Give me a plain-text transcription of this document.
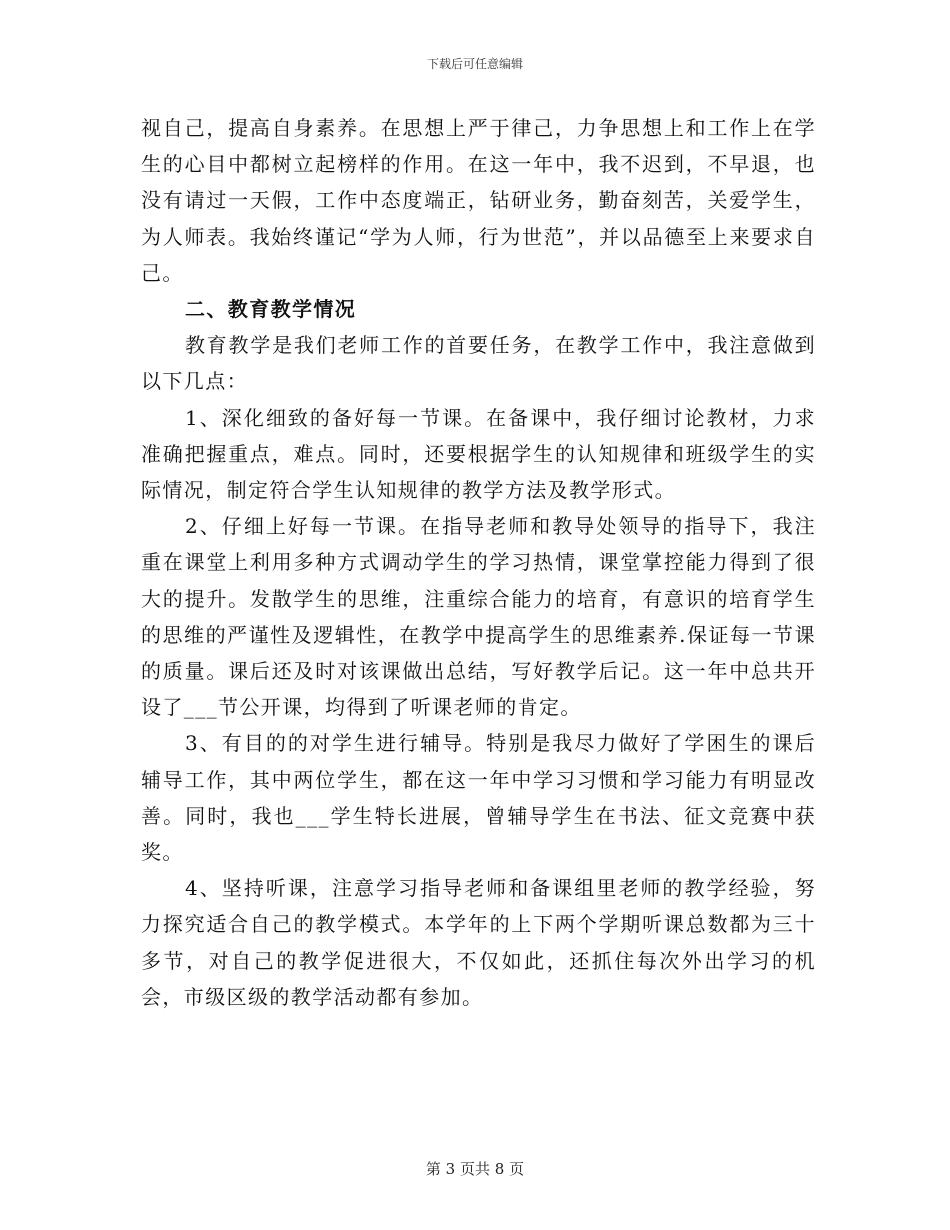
下载后可任意编辑

视自己，提高自身素养。在思想上严于律己，力争思想上和工作上在学生的心目中都树立起榜样的作用。在这一年中，我不迟到，不早退，也没有请过一天假，工作中态度端正，钻研业务，勤奋刻苦，关爱学生，为人师表。我始终谨记“学为人师，行为世范”，并以品德至上来要求自己。

二、教育教学情况

教育教学是我们老师工作的首要任务，在教学工作中，我注意做到以下几点：

1、深化细致的备好每一节课。在备课中，我仔细讨论教材，力求准确把握重点，难点。同时，还要根据学生的认知规律和班级学生的实际情况，制定符合学生认知规律的教学方法及教学形式。

2、仔细上好每一节课。在指导老师和教导处领导的指导下，我注重在课堂上利用多种方式调动学生的学习热情，课堂掌控能力得到了很大的提升。发散学生的思维，注重综合能力的培育，有意识的培育学生的思维的严谨性及逻辑性，在教学中提高学生的思维素养.保证每一节课的质量。课后还及时对该课做出总结，写好教学后记。这一年中总共开设了___节公开课，均得到了听课老师的肯定。

3、有目的的对学生进行辅导。特别是我尽力做好了学困生的课后辅导工作，其中两位学生，都在这一年中学习习惯和学习能力有明显改善。同时，我也___学生特长进展，曾辅导学生在书法、征文竞赛中获奖。

4、坚持听课，注意学习指导老师和备课组里老师的教学经验，努力探究适合自己的教学模式。本学年的上下两个学期听课总数都为三十多节，对自己的教学促进很大，不仅如此，还抓住每次外出学习的机会，市级区级的教学活动都有参加。

第 3 页共 8 页
